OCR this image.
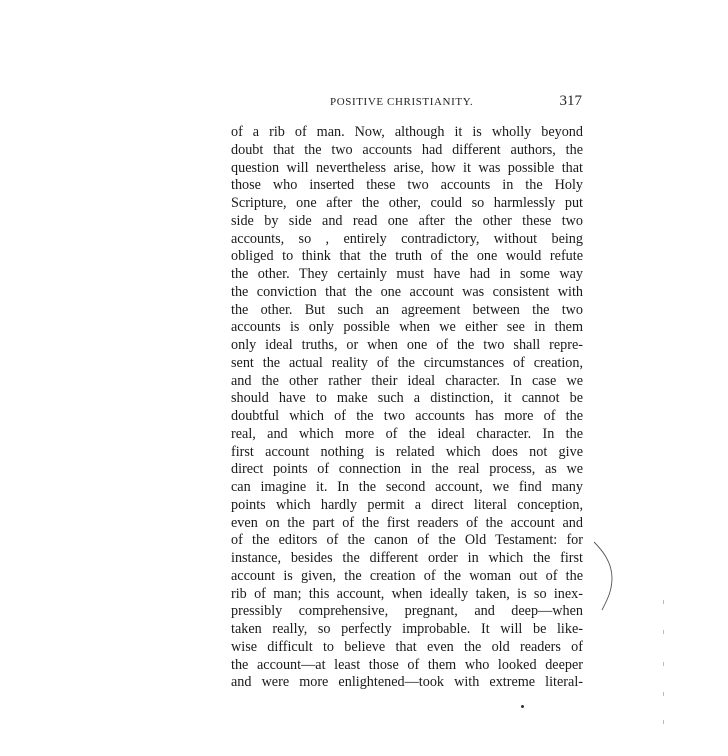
POSITIVE CHRISTIANITY.	317
of a rib of man. Now, although it is wholly beyond
doubt that the two accounts had different authors, the
question will nevertheless arise, how it was possible that
those who inserted these two accounts in the Holy
Scripture, one after the other, could so harmlessly put
side by side and read one after the other these two
accounts, so , entirely contradictory, without being
obliged to think that the truth of the one would refute
the other. They certainly must have had in some way
the conviction that the one account was consistent with
the other. But such an agreement between the two
accounts is only possible when we either see in them
only ideal truths, or when one of the two shall repre-
sent the actual reality of the circumstances of creation,
and the other rather their ideal character. In case we
should have to make such a distinction, it cannot be
doubtful which of the two accounts has more of the
real, and which more of the ideal character. In the
first account nothing is related which does not give
direct points of connection in the real process, as we
can imagine it. In the second account, we find many
points which hardly permit a direct literal conception,
even on the part of the first readers of the account and
of the editors of the canon of the Old Testament: for
instance, besides the different order in which the first
account is given, the creation of the woman out of the
rib of man; this account, when ideally taken, is so inex-
pressibly comprehensive, pregnant, and deep—when
taken really, so perfectly improbable. It will be like-
wise difficult to believe that even the old readers of
the account—at least those of them who looked deeper
and were more enlightened—took with extreme literal-
